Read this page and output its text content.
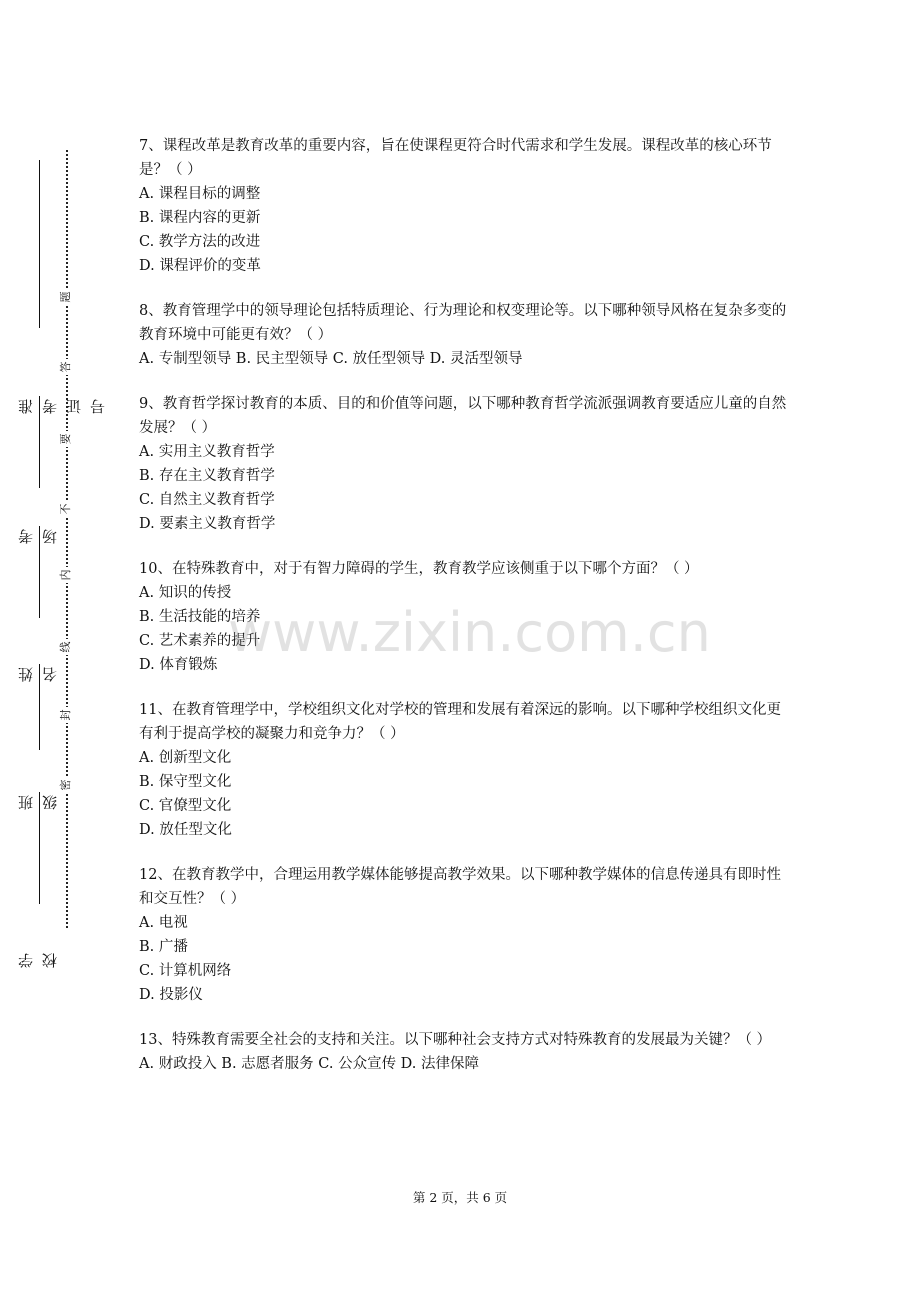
准考证号
考场
姓名
班级
学校
题
答
要
不
内
线
封
密

7、课程改革是教育改革的重要内容，旨在使课程更符合时代需求和学生发展。课程改革的核心环节是？（ ）

A. 课程目标的调整

B. 课程内容的更新

C. 教学方法的改进

D. 课程评价的变革

8、教育管理学中的领导理论包括特质理论、行为理论和权变理论等。以下哪种领导风格在复杂多变的教育环境中可能更有效？（ ）

A. 专制型领导 B. 民主型领导 C. 放任型领导 D. 灵活型领导

9、教育哲学探讨教育的本质、目的和价值等问题，以下哪种教育哲学流派强调教育要适应儿童的自然发展？（ ）

A. 实用主义教育哲学

B. 存在主义教育哲学

C. 自然主义教育哲学

D. 要素主义教育哲学

10、在特殊教育中，对于有智力障碍的学生，教育教学应该侧重于以下哪个方面？（ ）

A. 知识的传授

B. 生活技能的培养

C. 艺术素养的提升

D. 体育锻炼

11、在教育管理学中，学校组织文化对学校的管理和发展有着深远的影响。以下哪种学校组织文化更有利于提高学校的凝聚力和竞争力？（ ）

A. 创新型文化

B. 保守型文化

C. 官僚型文化

D. 放任型文化

12、在教育教学中，合理运用教学媒体能够提高教学效果。以下哪种教学媒体的信息传递具有即时性和交互性？（ ）

A. 电视

B. 广播

C. 计算机网络

D. 投影仪

13、特殊教育需要全社会的支持和关注。以下哪种社会支持方式对特殊教育的发展最为关键？（ ）

A. 财政投入 B. 志愿者服务 C. 公众宣传 D. 法律保障

www.zixin.com.cn
第 2 页，共 6 页
